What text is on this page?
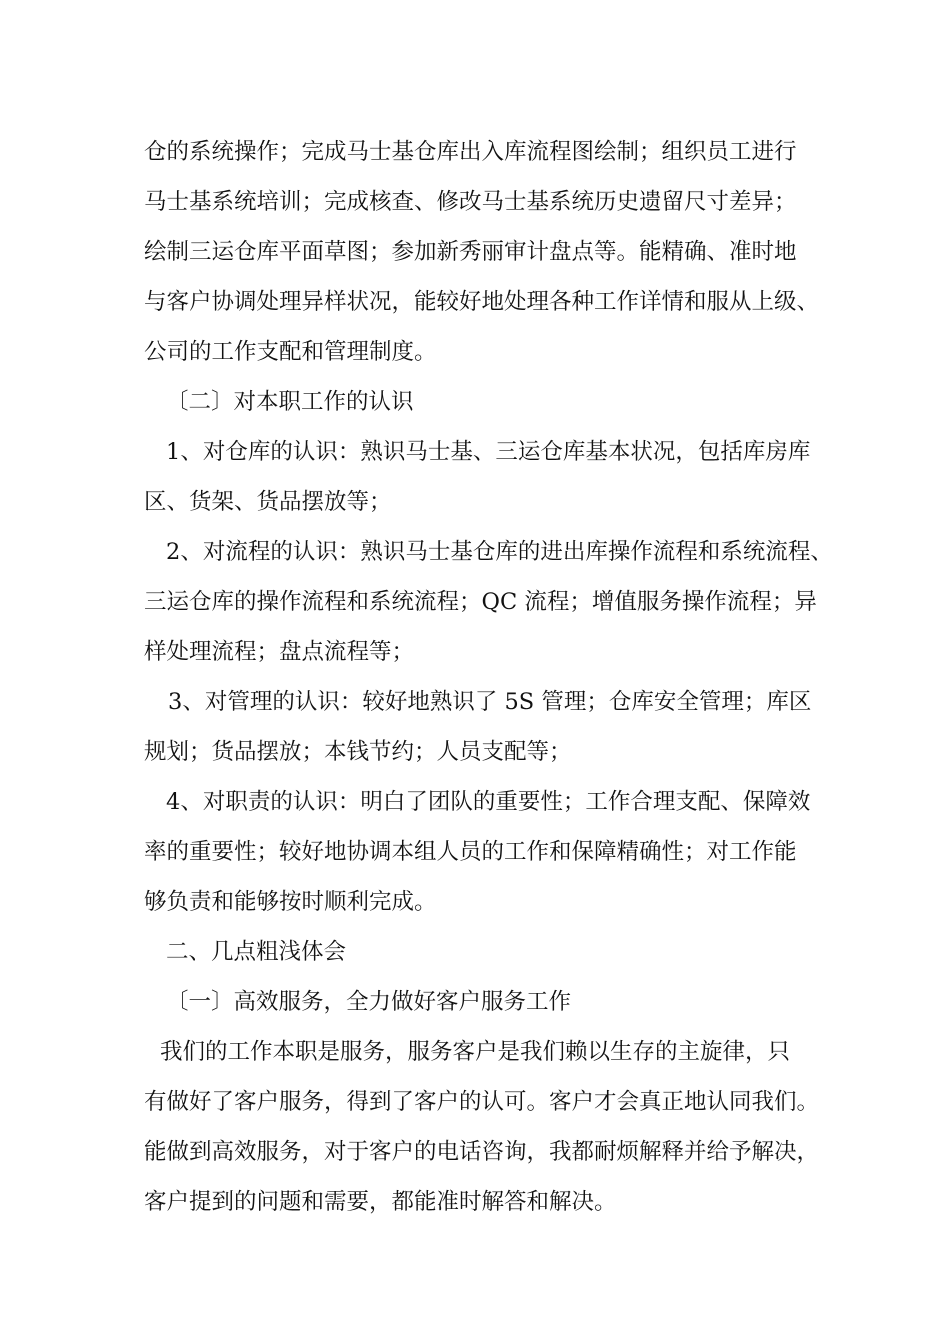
仓的系统操作；完成马士基仓库出入库流程图绘制；组织员工进行
马士基系统培训；完成核查、修改马士基系统历史遗留尺寸差异；
绘制三运仓库平面草图；参加新秀丽审计盘点等。能精确、准时地
与客户协调处理异样状况，能较好地处理各种工作详情和服从上级、
公司的工作支配和管理制度。
〔二〕对本职工作的认识
1、对仓库的认识：熟识马士基、三运仓库基本状况，包括库房库
区、货架、货品摆放等；
2、对流程的认识：熟识马士基仓库的进出库操作流程和系统流程、
三运仓库的操作流程和系统流程；QC 流程；增值服务操作流程；异
样处理流程；盘点流程等；
3、对管理的认识：较好地熟识了 5S 管理；仓库安全管理；库区
规划；货品摆放；本钱节约；人员支配等；
4、对职责的认识：明白了团队的重要性；工作合理支配、保障效
率的重要性；较好地协调本组人员的工作和保障精确性；对工作能
够负责和能够按时顺利完成。
二、几点粗浅体会
〔一〕高效服务，全力做好客户服务工作
我们的工作本职是服务，服务客户是我们赖以生存的主旋律，只
有做好了客户服务，得到了客户的认可。客户才会真正地认同我们。
能做到高效服务，对于客户的电话咨询，我都耐烦解释并给予解决，
客户提到的问题和需要，都能准时解答和解决。
